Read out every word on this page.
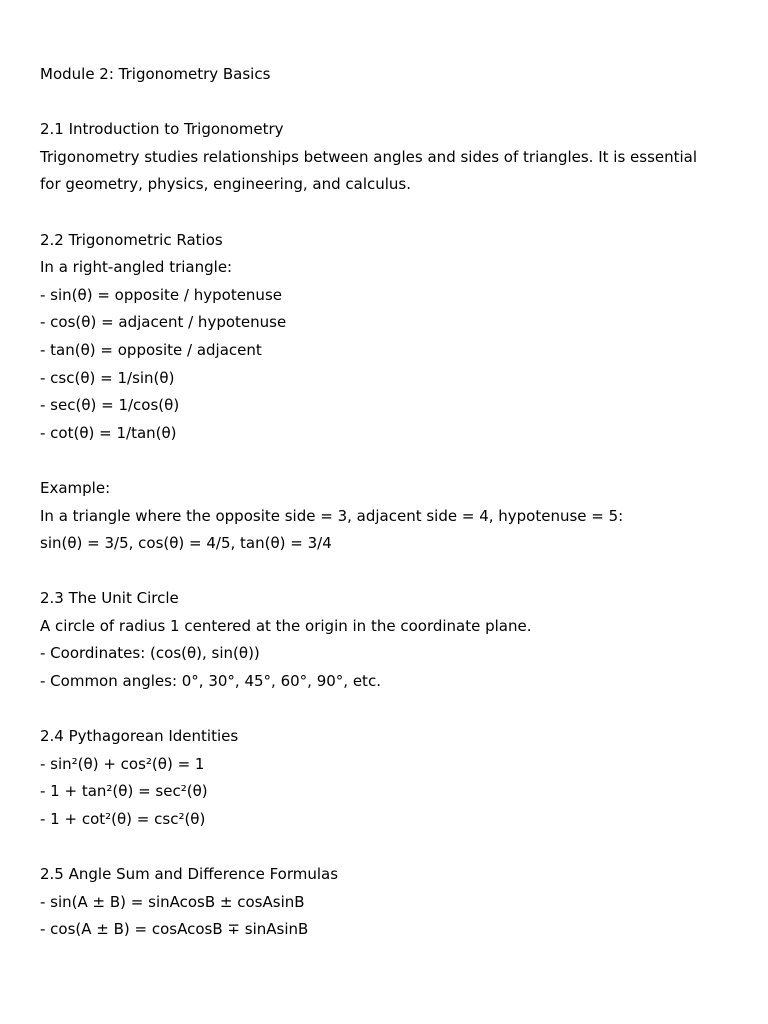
Module 2: Trigonometry Basics
2.1 Introduction to Trigonometry
Trigonometry studies relationships between angles and sides of triangles. It is essential
for geometry, physics, engineering, and calculus.
2.2 Trigonometric Ratios
In a right-angled triangle:
- sin(θ) = opposite / hypotenuse
- cos(θ) = adjacent / hypotenuse
- tan(θ) = opposite / adjacent
- csc(θ) = 1/sin(θ)
- sec(θ) = 1/cos(θ)
- cot(θ) = 1/tan(θ)
Example:
In a triangle where the opposite side = 3, adjacent side = 4, hypotenuse = 5:
sin(θ) = 3/5, cos(θ) = 4/5, tan(θ) = 3/4
2.3 The Unit Circle
A circle of radius 1 centered at the origin in the coordinate plane.
- Coordinates: (cos(θ), sin(θ))
- Common angles: 0°, 30°, 45°, 60°, 90°, etc.
2.4 Pythagorean Identities
- sin²(θ) + cos²(θ) = 1
- 1 + tan²(θ) = sec²(θ)
- 1 + cot²(θ) = csc²(θ)
2.5 Angle Sum and Difference Formulas
- sin(A ± B) = sinAcosB ± cosAsinB
- cos(A ± B) = cosAcosB ∓ sinAsinB
